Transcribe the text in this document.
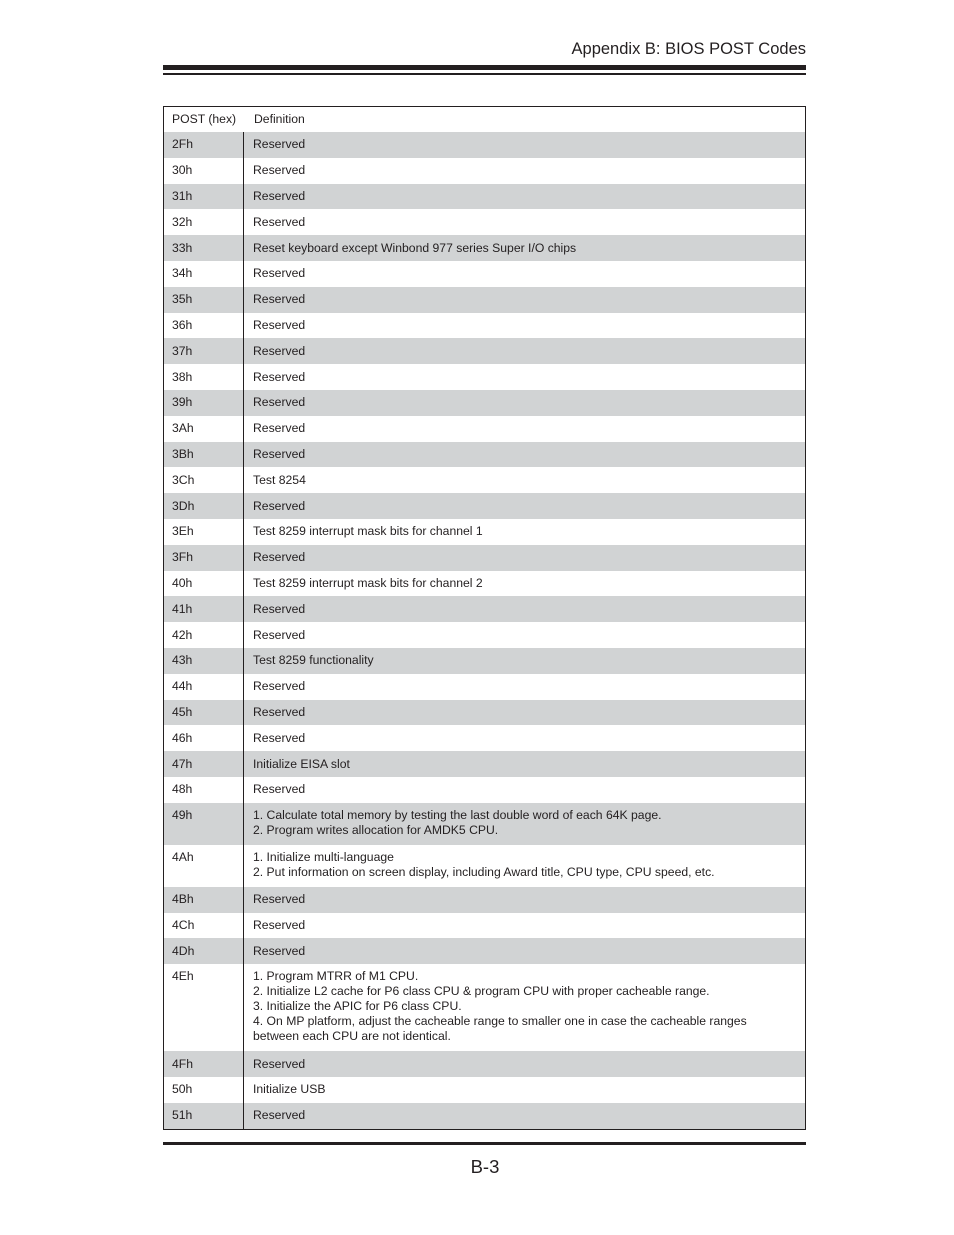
Appendix B: BIOS POST Codes
POST (hex)	Definition
2Fh	Reserved
30h	Reserved
31h	Reserved
32h	Reserved
33h	Reset keyboard except Winbond 977 series Super I/O chips
34h	Reserved
35h	Reserved
36h	Reserved
37h	Reserved
38h	Reserved
39h	Reserved
3Ah	Reserved
3Bh	Reserved
3Ch	Test 8254
3Dh	Reserved
3Eh	Test 8259 interrupt mask bits for channel 1
3Fh	Reserved
40h	Test 8259 interrupt mask bits for channel 2
41h	Reserved
42h	Reserved
43h	Test 8259 functionality
44h	Reserved
45h	Reserved
46h	Reserved
47h	Initialize EISA slot
48h	Reserved
49h	1. Calculate total memory by testing the last double word of each 64K page.
2. Program writes allocation for AMDK5 CPU.
4Ah	1. Initialize multi-language
2. Put information on screen display, including Award title, CPU type, CPU speed, etc.
4Bh	Reserved
4Ch	Reserved
4Dh	Reserved
4Eh	1. Program MTRR of M1 CPU.
2. Initialize L2 cache for P6 class CPU & program CPU with proper cacheable range.
3. Initialize the APIC for P6 class CPU.
4. On MP platform, adjust the cacheable range to smaller one in case the cacheable ranges
between each CPU are not identical.
4Fh	Reserved
50h	Initialize USB
51h	Reserved
B-3
